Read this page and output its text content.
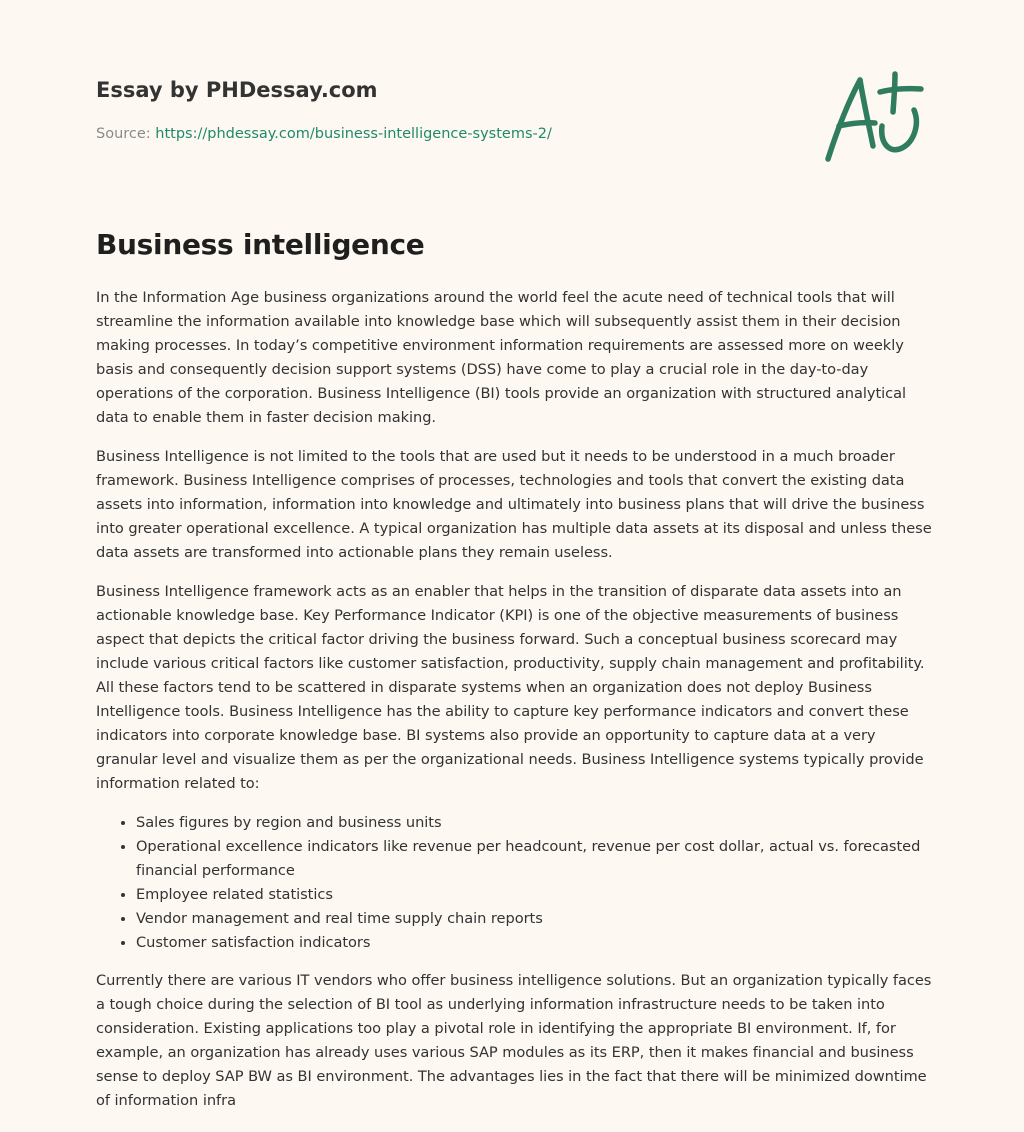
Essay by PHDessay.com
Source: https://phdessay.com/business-intelligence-systems-2/
Business intelligence

In the Information Age business organizations around the world feel the acute need of technical tools that will streamline the information available into knowledge base which will subsequently assist them in their decision making processes. In today’s competitive environment information requirements are assessed more on weekly basis and consequently decision support systems (DSS) have come to play a crucial role in the day-to-day operations of the corporation. Business Intelligence (BI) tools provide an organization with structured analytical data to enable them in faster decision making.

Business Intelligence is not limited to the tools that are used but it needs to be understood in a much broader framework. Business Intelligence comprises of processes, technologies and tools that convert the existing data assets into information, information into knowledge and ultimately into business plans that will drive the business into greater operational excellence. A typical organization has multiple data assets at its disposal and unless these data assets are transformed into actionable plans they remain useless.

Business Intelligence framework acts as an enabler that helps in the transition of disparate data assets into an actionable knowledge base. Key Performance Indicator (KPI) is one of the objective measurements of business aspect that depicts the critical factor driving the business forward. Such a conceptual business scorecard may include various critical factors like customer satisfaction, productivity, supply chain management and profitability. All these factors tend to be scattered in disparate systems when an organization does not deploy Business Intelligence tools. Business Intelligence has the ability to capture key performance indicators and convert these indicators into corporate knowledge base. BI systems also provide an opportunity to capture data at a very granular level and visualize them as per the organizational needs. Business Intelligence systems typically provide information related to:

• Sales figures by region and business units
• Operational excellence indicators like revenue per headcount, revenue per cost dollar, actual vs. forecasted financial performance
• Employee related statistics
• Vendor management and real time supply chain reports
• Customer satisfaction indicators

Currently there are various IT vendors who offer business intelligence solutions. But an organization typically faces a tough choice during the selection of BI tool as underlying information infrastructure needs to be taken into consideration. Existing applications too play a pivotal role in identifying the appropriate BI environment. If, for example, an organization has already uses various SAP modules as its ERP, then it makes financial and business sense to deploy SAP BW as BI environment. The advantages lies in the fact that there will be minimized downtime of information infra
